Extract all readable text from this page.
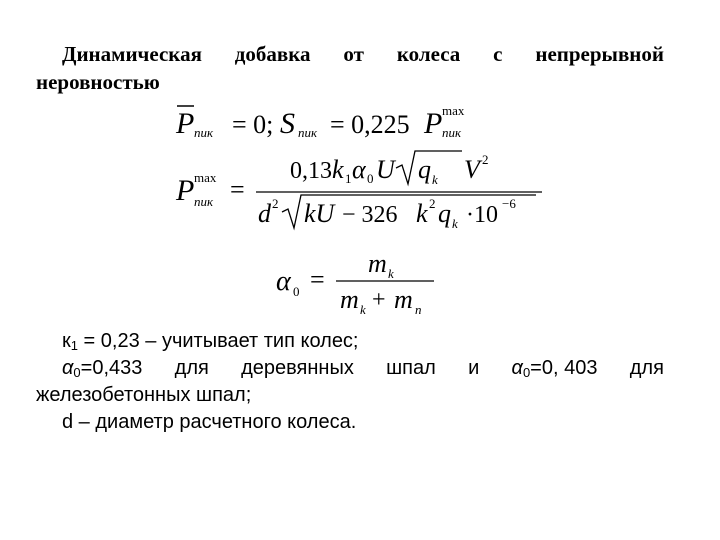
Динамическая добавка от колеса с непрерывной
неровностью
P пик = 0; S пик = 0,225 P пик
max
P пик
max =
0,13 k 1 α 0 U q k V 2
d 2 kU − 326 k 2 q k ·10 −6
α 0 =
m k
m k + m п
$к_1 = 0,23$ – учитывает тип колес;
$\alpha_0=0,433$ для деревянных шпал и $\alpha_0=0$, 403 для
железобетонных шпал;
d – диаметр расчетного колеса.
